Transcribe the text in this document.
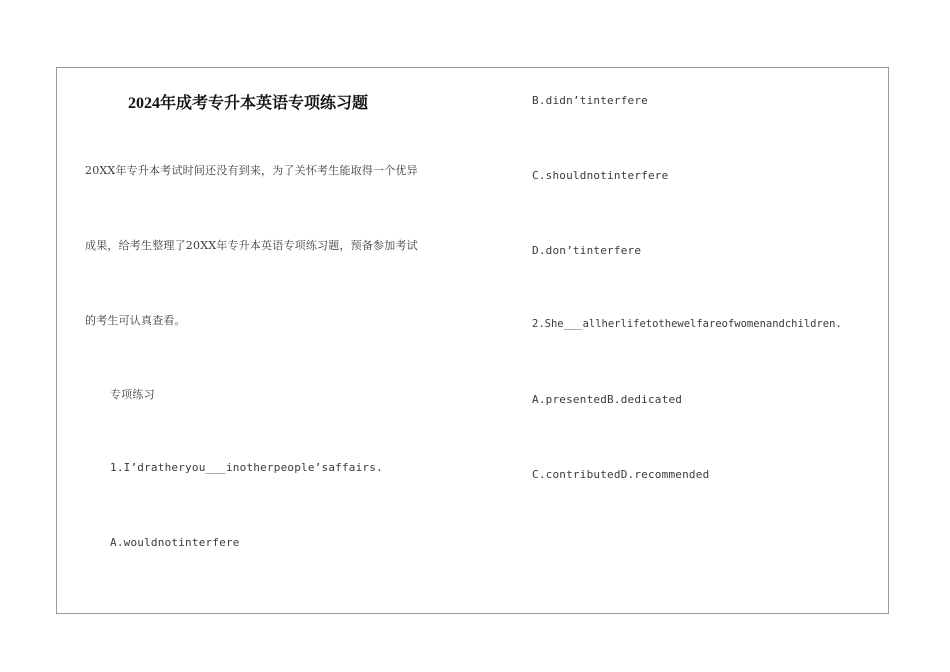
2024年成考专升本英语专项练习题
20XX年专升本考试时间还没有到来，为了关怀考生能取得一个优异
成果，给考生整理了20XX年专升本英语专项练习题，预备参加考试
的考生可认真查看。
专项练习
1.I’dratheryou___inotherpeople’saffairs.
A.wouldnotinterfere
B.didn’tinterfere
C.shouldnotinterfere
D.don’tinterfere
2.She___allherlifetothewelfareofwomenandchildren.
A.presentedB.dedicated
C.contributedD.recommended
